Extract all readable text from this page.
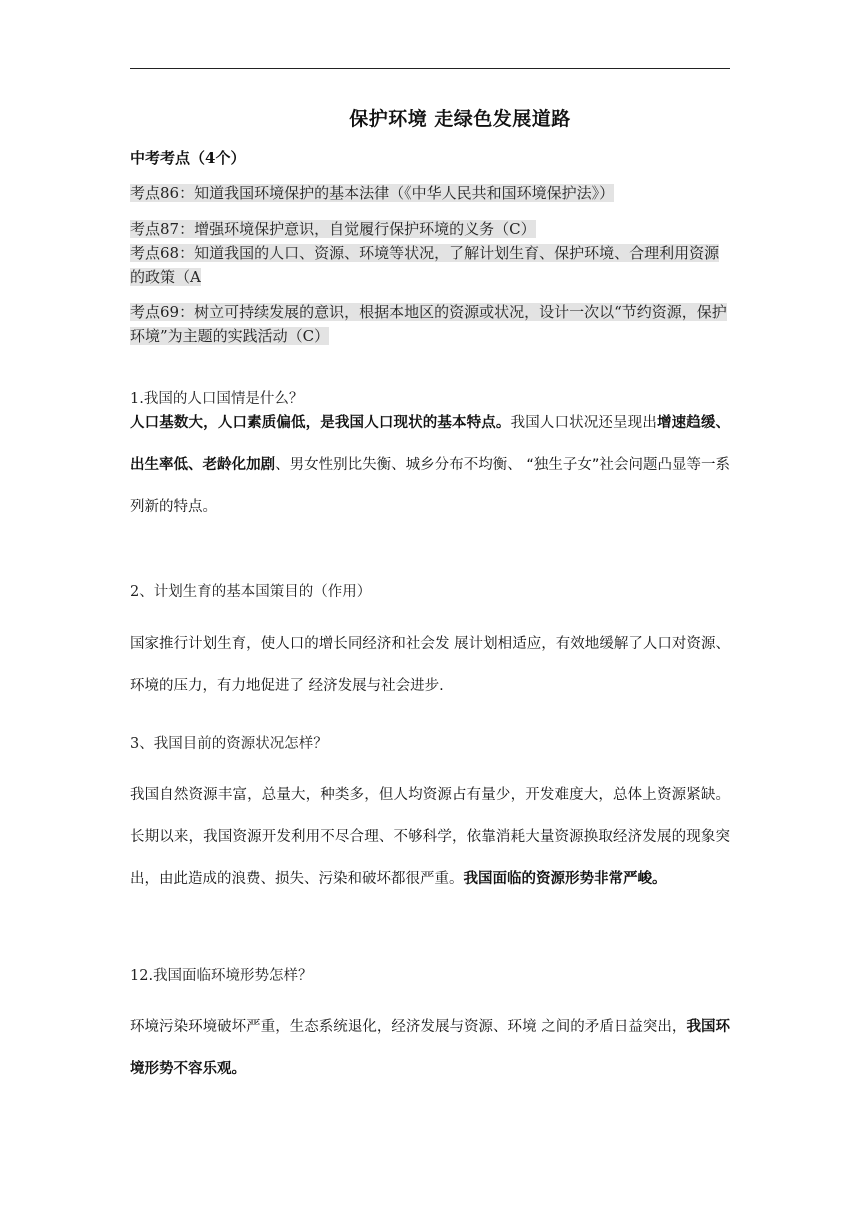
保护环境 走绿色发展道路
中考考点（4个）
考点86：知道我国环境保护的基本法律（《中华人民共和国环境保护法》）
考点87：增强环境保护意识，自觉履行保护环境的义务（C）
考点68：知道我国的人口、资源、环境等状况，了解计划生育、保护环境、合理利用资源的政策（A
考点69：树立可持续发展的意识，根据本地区的资源或状况，设计一次以“节约资源，保护环境”为主题的实践活动（C）
1.我国的人口国情是什么？
人口基数大，人口素质偏低，是我国人口现状的基本特点。我国人口状况还呈现出增速趋缓、出生率低、老龄化加剧、男女性别比失衡、城乡分布不均衡、 “独生子女”社会问题凸显等一系列新的特点。
2、计划生育的基本国策目的（作用）
国家推行计划生育，使人口的增长同经济和社会发 展计划相适应，有效地缓解了人口对资源、环境的压力，有力地促进了 经济发展与社会进步.
3、我国目前的资源状况怎样？
我国自然资源丰富，总量大，种类多，但人均资源占有量少，开发难度大，总体上资源紧缺。长期以来，我国资源开发利用不尽合理、不够科学，依靠消耗大量资源换取经济发展的现象突出，由此造成的浪费、损失、污染和破坏都很严重。我国面临的资源形势非常严峻。
12.我国面临环境形势怎样？
环境污染环境破坏严重，生态系统退化，经济发展与资源、环境 之间的矛盾日益突出，我国环境形势不容乐观。
